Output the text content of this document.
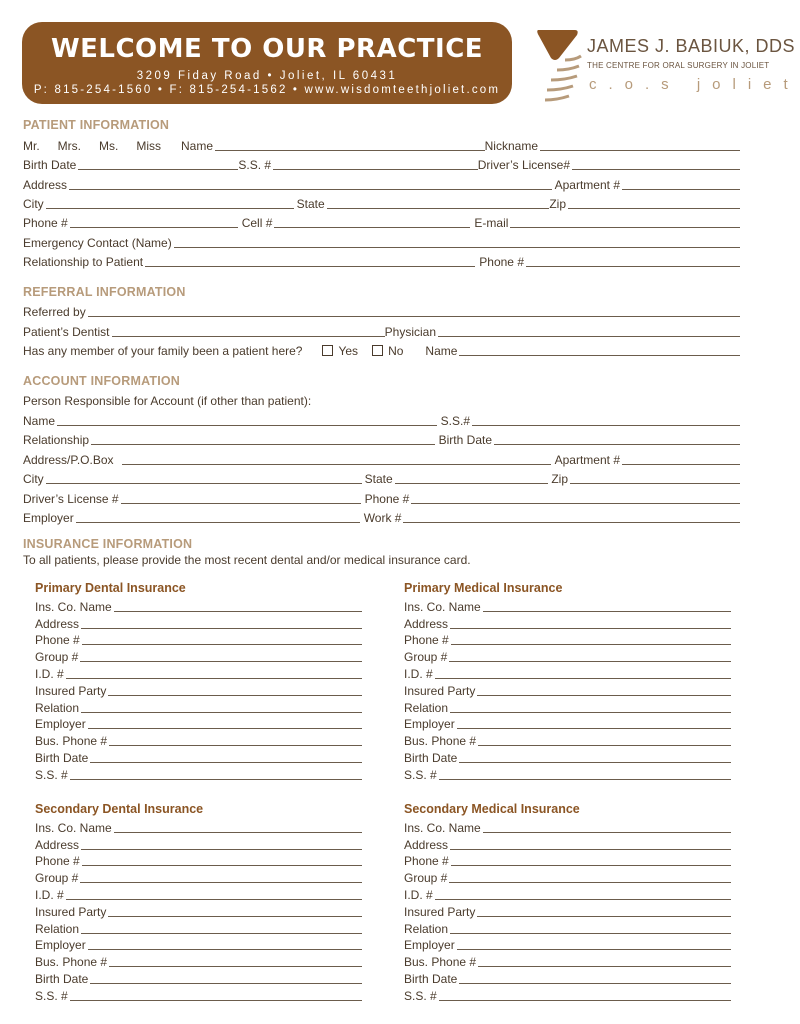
WELCOME TO OUR PRACTICE
3209 Fiday Road • Joliet, IL 60431
P: 815-254-1560 • F: 815-254-1562 • www.wisdomteethjoliet.com
JAMES J. BABIUK, DDS
THE CENTRE FOR ORAL SURGERY IN JOLIET
c.o.s joliet
PATIENT INFORMATION
Mr. Mrs. Ms. Miss Name	Nickname
Birth Date	S.S. #	Driver’s License#
Address	Apartment #
City	State	Zip
Phone #	Cell #	E-mail
Emergency Contact (Name)
Relationship to Patient	Phone #
REFERRAL INFORMATION
Referred by
Patient’s Dentist	Physician
Has any member of your family been a patient here?	Yes	No Name
ACCOUNT INFORMATION
Person Responsible for Account (if other than patient):
Name	S.S.#
Relationship	Birth Date
Address/P.O.Box	Apartment #
City	State	Zip
Driver’s License #	Phone #
Employer	Work #
INSURANCE INFORMATION
To all patients, please provide the most recent dental and/or medical insurance card.
Primary Dental Insurance
Ins. Co. Name
Address
Phone #
Group #
I.D. #
Insured Party
Relation
Employer
Bus. Phone #
Birth Date
S.S. #
Primary Medical Insurance
Ins. Co. Name
Address
Phone #
Group #
I.D. #
Insured Party
Relation
Employer
Bus. Phone #
Birth Date
S.S. #
Secondary Dental Insurance
Ins. Co. Name
Address
Phone #
Group #
I.D. #
Insured Party
Relation
Employer
Bus. Phone #
Birth Date
S.S. #
Secondary Medical Insurance
Ins. Co. Name
Address
Phone #
Group #
I.D. #
Insured Party
Relation
Employer
Bus. Phone #
Birth Date
S.S. #
